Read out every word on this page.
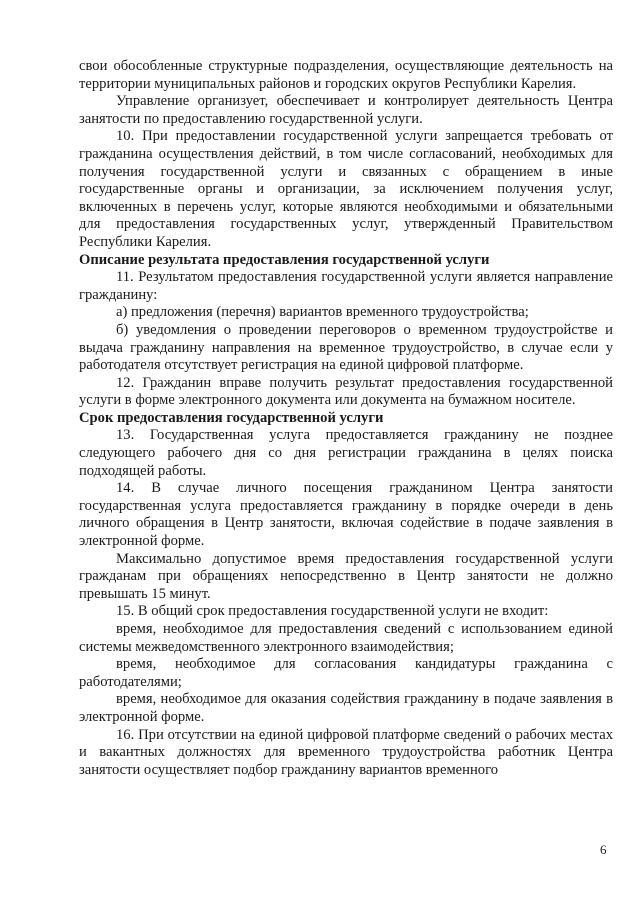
свои обособленные структурные подразделения, осуществляющие деятельность на территории муниципальных районов и городских округов Республики Карелия.

Управление организует, обеспечивает и контролирует деятельность Центра занятости по предоставлению государственной услуги.

10. При предоставлении государственной услуги запрещается требовать от гражданина осуществления действий, в том числе согласований, необходимых для получения государственной услуги и связанных с обращением в иные государственные органы и организации, за исключением получения услуг, включенных в перечень услуг, которые являются необходимыми и обязательными для предоставления государственных услуг, утвержденный Правительством Республики Карелия.

Описание результата предоставления государственной услуги

11. Результатом предоставления государственной услуги является направление гражданину:

а) предложения (перечня) вариантов временного трудоустройства;

б) уведомления о проведении переговоров о временном трудоустройстве и выдача гражданину направления на временное трудоустройство, в случае если у работодателя отсутствует регистрация на единой цифровой платформе.

12. Гражданин вправе получить результат предоставления государственной услуги в форме электронного документа или документа на бумажном носителе.

Срок предоставления государственной услуги

13. Государственная услуга предоставляется гражданину не позднее следующего рабочего дня со дня регистрации гражданина в целях поиска подходящей работы.

14. В случае личного посещения гражданином Центра занятости государственная услуга предоставляется гражданину в порядке очереди в день личного обращения в Центр занятости, включая содействие в подаче заявления в электронной форме.

Максимально допустимое время предоставления государственной услуги гражданам при обращениях непосредственно в Центр занятости не должно превышать 15 минут.

15. В общий срок предоставления государственной услуги не входит:

время, необходимое для предоставления сведений с использованием единой системы межведомственного электронного взаимодействия;

время, необходимое для согласования кандидатуры гражданина с работодателями;

время, необходимое для оказания содействия гражданину в подаче заявления в электронной форме.

16. При отсутствии на единой цифровой платформе сведений о рабочих местах и вакантных должностях для временного трудоустройства работник Центра занятости осуществляет подбор гражданину вариантов временного

6
